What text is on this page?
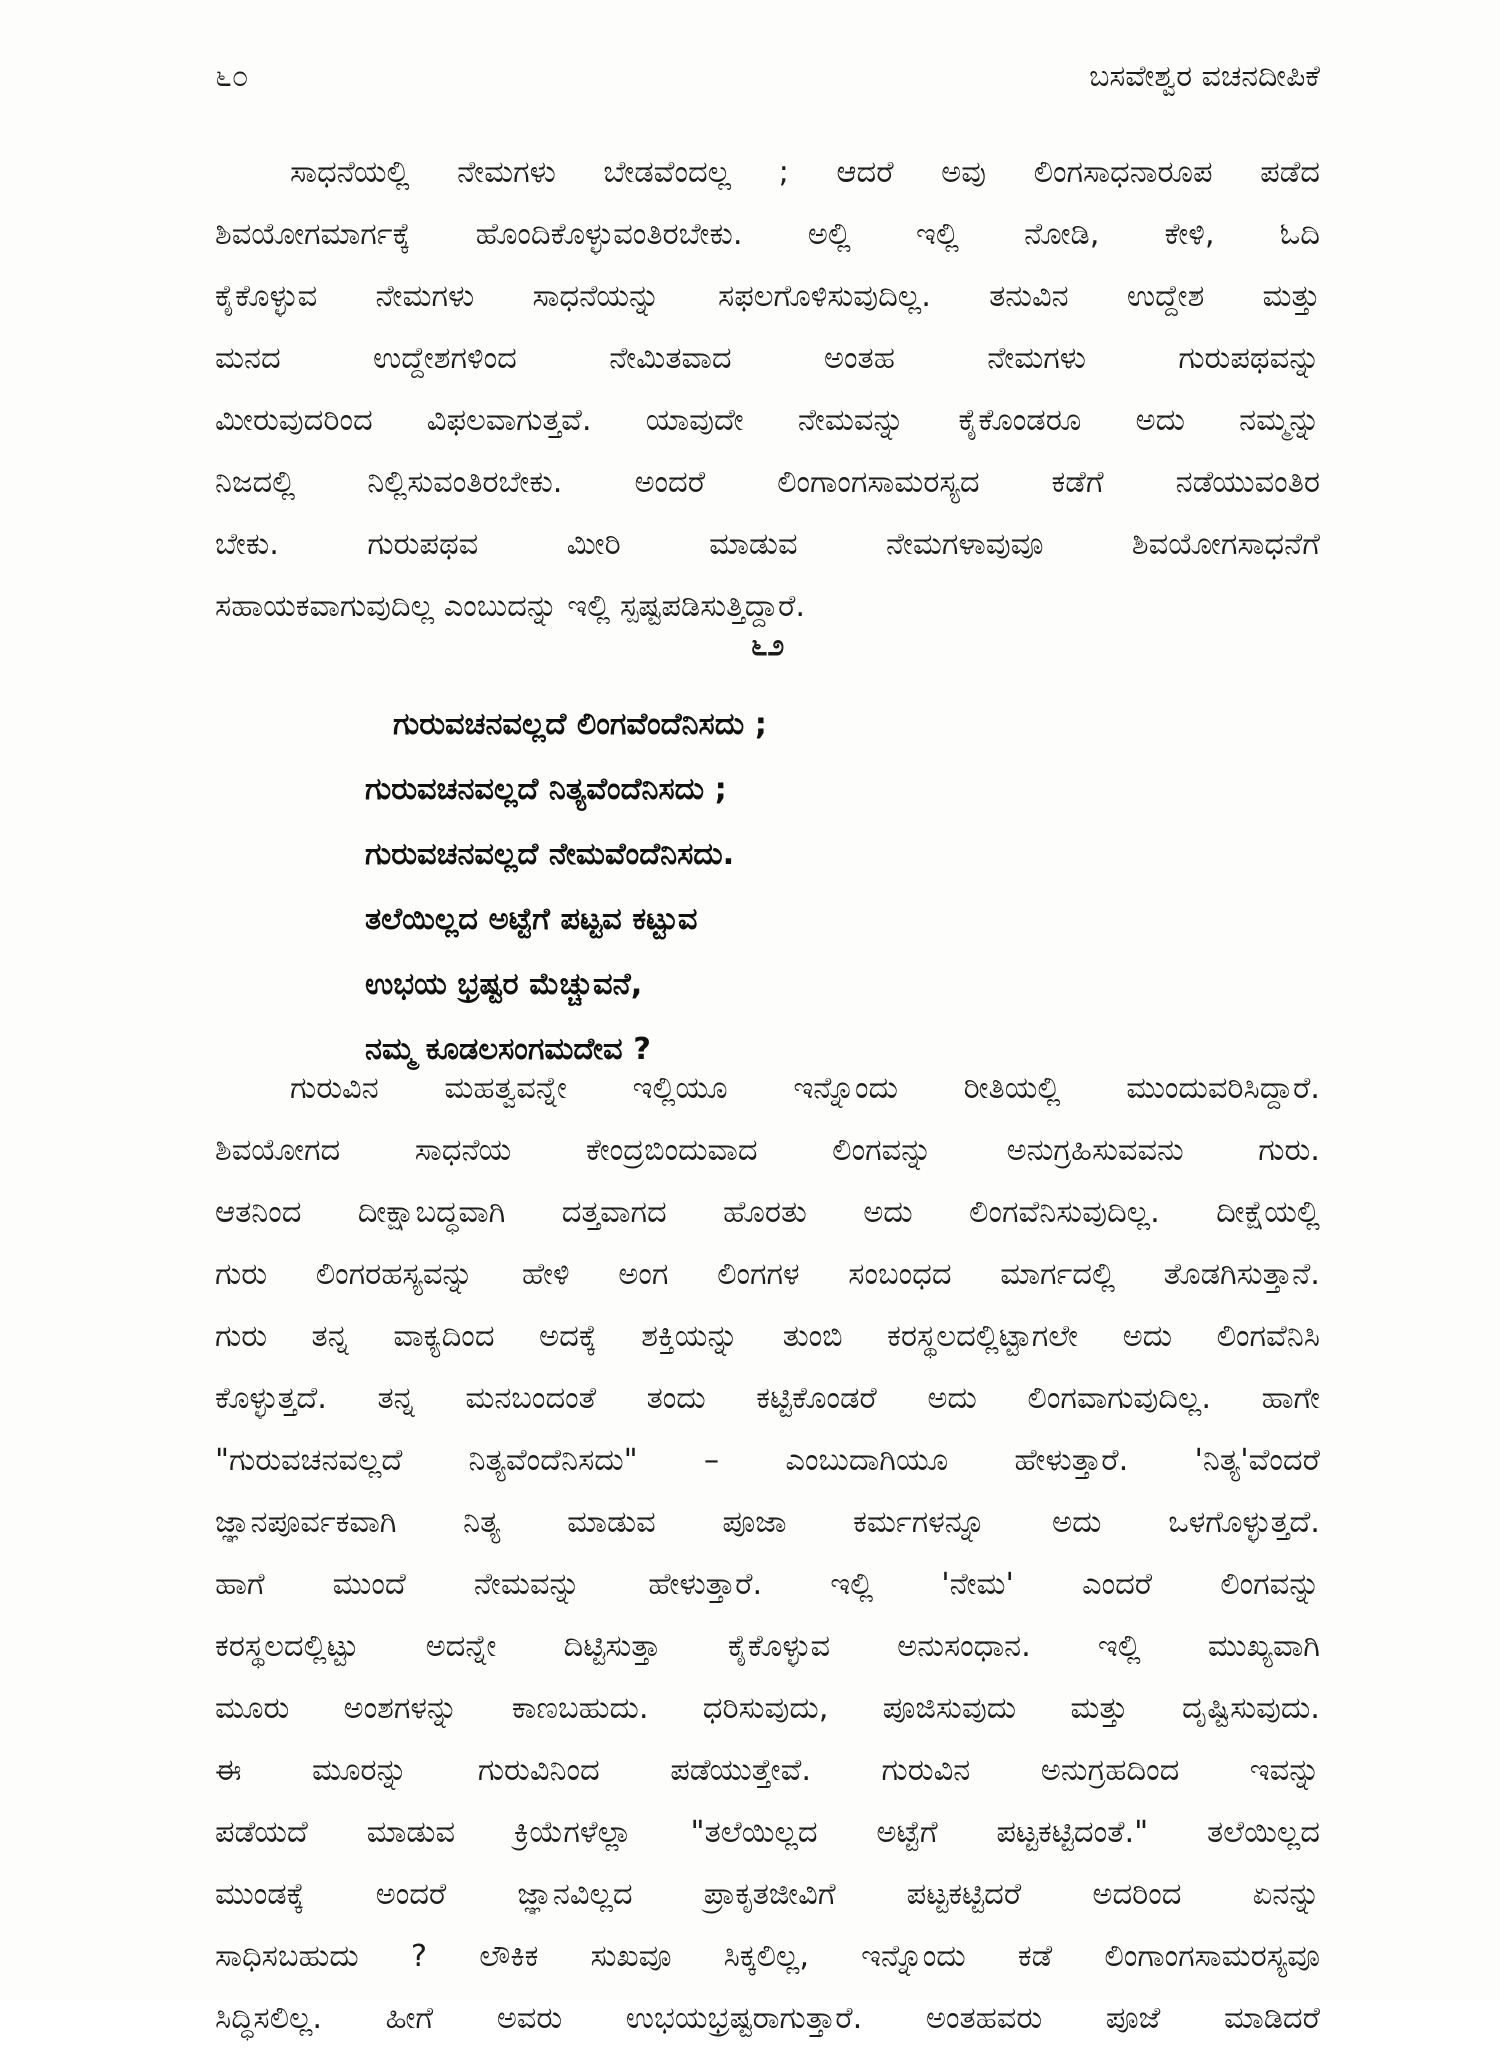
೬೦	ಬಸವೇಶ್ವರ ವಚನದೀಪಿಕೆ
ಸಾಧನೆಯಲ್ಲಿ ನೇಮಗಳು ಬೇಡವೆಂದಲ್ಲ ; ಆದರೆ ಅವು ಲಿಂಗಸಾಧನಾರೂಪ ಪಡೆದ
ಶಿವಯೋಗಮಾರ್ಗಕ್ಕೆ ಹೊಂದಿಕೊಳ್ಳುವಂತಿರಬೇಕು. ಅಲ್ಲಿ ಇಲ್ಲಿ ನೋಡಿ, ಕೇಳಿ, ಓದಿ
ಕೈಕೊಳ್ಳುವ ನೇಮಗಳು ಸಾಧನೆಯನ್ನು ಸಫಲಗೊಳಿಸುವುದಿಲ್ಲ. ತನುವಿನ ಉದ್ದೇಶ ಮತ್ತು
ಮನದ ಉದ್ದೇಶಗಳಿಂದ ನೇಮಿತವಾದ ಅಂತಹ ನೇಮಗಳು ಗುರುಪಥವನ್ನು
ಮೀರುವುದರಿಂದ ವಿಫಲವಾಗುತ್ತವೆ. ಯಾವುದೇ ನೇಮವನ್ನು ಕೈಕೊಂಡರೂ ಅದು ನಮ್ಮನ್ನು
ನಿಜದಲ್ಲಿ ನಿಲ್ಲಿಸುವಂತಿರಬೇಕು. ಅಂದರೆ ಲಿಂಗಾಂಗಸಾಮರಸ್ಯದ ಕಡೆಗೆ ನಡೆಯುವಂತಿರ
ಬೇಕು. ಗುರುಪಥವ ಮೀರಿ ಮಾಡುವ ನೇಮಗಳಾವುವೂ ಶಿವಯೋಗಸಾಧನೆಗೆ
ಸಹಾಯಕವಾಗುವುದಿಲ್ಲ ಎಂಬುದನ್ನು ಇಲ್ಲಿ ಸ್ಪಷ್ಟಪಡಿಸುತ್ತಿದ್ದಾರೆ.
೬೨
ಗುರುವಚನವಲ್ಲದೆ ಲಿಂಗವೆಂದೆನಿಸದು ;
ಗುರುವಚನವಲ್ಲದೆ ನಿತ್ಯವೆಂದೆನಿಸದು ;
ಗುರುವಚನವಲ್ಲದೆ ನೇಮವೆಂದೆನಿಸದು.
ತಲೆಯಿಲ್ಲದ ಅಟ್ಟೆಗೆ ಪಟ್ಟವ ಕಟ್ಟುವ
ಉಭಯ ಭ್ರಷ್ಟರ ಮೆಚ್ಚುವನೆ,
ನಮ್ಮ ಕೂಡಲಸಂಗಮದೇವ ?
ಗುರುವಿನ ಮಹತ್ವವನ್ನೇ ಇಲ್ಲಿಯೂ ಇನ್ನೊಂದು ರೀತಿಯಲ್ಲಿ ಮುಂದುವರಿಸಿದ್ದಾರೆ.
ಶಿವಯೋಗದ ಸಾಧನೆಯ ಕೇಂದ್ರಬಿಂದುವಾದ ಲಿಂಗವನ್ನು ಅನುಗ್ರಹಿಸುವವನು ಗುರು.
ಆತನಿಂದ ದೀಕ್ಷಾಬದ್ಧವಾಗಿ ದತ್ತವಾಗದ ಹೊರತು ಅದು ಲಿಂಗವೆನಿಸುವುದಿಲ್ಲ. ದೀಕ್ಷೆಯಲ್ಲಿ
ಗುರು ಲಿಂಗರಹಸ್ಯವನ್ನು ಹೇಳಿ ಅಂಗ ಲಿಂಗಗಳ ಸಂಬಂಧದ ಮಾರ್ಗದಲ್ಲಿ ತೊಡಗಿಸುತ್ತಾನೆ.
ಗುರು ತನ್ನ ವಾಕ್ಯದಿಂದ ಅದಕ್ಕೆ ಶಕ್ತಿಯನ್ನು ತುಂಬಿ ಕರಸ್ಥಲದಲ್ಲಿಟ್ಟಾಗಲೇ ಅದು ಲಿಂಗವೆನಿಸಿ
ಕೊಳ್ಳುತ್ತದೆ. ತನ್ನ ಮನಬಂದಂತೆ ತಂದು ಕಟ್ಟಿಕೊಂಡರೆ ಅದು ಲಿಂಗವಾಗುವುದಿಲ್ಲ. ಹಾಗೇ
"ಗುರುವಚನವಲ್ಲದೆ ನಿತ್ಯವೆಂದೆನಿಸದು" – ಎಂಬುದಾಗಿಯೂ ಹೇಳುತ್ತಾರೆ. 'ನಿತ್ಯ'ವೆಂದರೆ
ಜ್ಞಾನಪೂರ್ವಕವಾಗಿ ನಿತ್ಯ ಮಾಡುವ ಪೂಜಾ ಕರ್ಮಗಳನ್ನೂ ಅದು ಒಳಗೊಳ್ಳುತ್ತದೆ.
ಹಾಗೆ ಮುಂದೆ ನೇಮವನ್ನು ಹೇಳುತ್ತಾರೆ. ಇಲ್ಲಿ 'ನೇಮ' ಎಂದರೆ ಲಿಂಗವನ್ನು
ಕರಸ್ಥಲದಲ್ಲಿಟ್ಟು ಅದನ್ನೇ ದಿಟ್ಟಿಸುತ್ತಾ ಕೈಕೊಳ್ಳುವ ಅನುಸಂಧಾನ. ಇಲ್ಲಿ ಮುಖ್ಯವಾಗಿ
ಮೂರು ಅಂಶಗಳನ್ನು ಕಾಣಬಹುದು. ಧರಿಸುವುದು, ಪೂಜಿಸುವುದು ಮತ್ತು ದೃಷ್ಟಿಸುವುದು.
ಈ ಮೂರನ್ನು ಗುರುವಿನಿಂದ ಪಡೆಯುತ್ತೇವೆ. ಗುರುವಿನ ಅನುಗ್ರಹದಿಂದ ಇವನ್ನು
ಪಡೆಯದೆ ಮಾಡುವ ಕ್ರಿಯೆಗಳೆಲ್ಲಾ "ತಲೆಯಿಲ್ಲದ ಅಟ್ಟೆಗೆ ಪಟ್ಟಕಟ್ಟಿದಂತೆ." ತಲೆಯಿಲ್ಲದ
ಮುಂಡಕ್ಕೆ ಅಂದರೆ ಜ್ಞಾನವಿಲ್ಲದ ಪ್ರಾಕೃತಜೀವಿಗೆ ಪಟ್ಟಕಟ್ಟಿದರೆ ಅದರಿಂದ ಏನನ್ನು
ಸಾಧಿಸಬಹುದು ? ಲೌಕಿಕ ಸುಖವೂ ಸಿಕ್ಕಲಿಲ್ಲ, ಇನ್ನೊಂದು ಕಡೆ ಲಿಂಗಾಂಗಸಾಮರಸ್ಯವೂ
ಸಿದ್ಧಿಸಲಿಲ್ಲ. ಹೀಗೆ ಅವರು ಉಭಯಭ್ರಷ್ಟರಾಗುತ್ತಾರೆ. ಅಂತಹವರು ಪೂಜೆ ಮಾಡಿದರೆ
